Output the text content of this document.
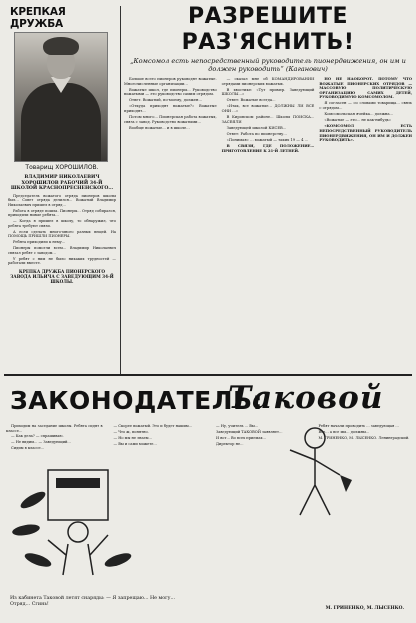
КРЕПКАЯ ДРУЖБА
Товарищ ХОРОШИЛОВ.
ВЛАДИМИР НИКОЛАЕВИЧ ХОРОШИЛОВ РАБОЧИЙ 34-Й ШКОЛОЙ КРАСНОПРЕСНЕНСКОГО...

Председатель вожатого отряда пионеров школы был... Совет отряда делился... Вожатый Владимир Николаевич пришел в отряд...

Работа в отряде пошла. Пионеры... Отряд собирался, приходили новые ребята...

— Когда я пришел в школу, то обнаружил, что ребята требуют связи.

А если сделать много-много разных вещей. На ПОМОЩЬ ПРИШЛИ ПИОНЕРЫ.

Ребята приходили к нему...

Пионеры помогли всем... Владимир Николаевич связал ребят с заводом...

У ребят с ним не было никаких трудностей — работали вместе.

КРЕПКА ДРУЖБА ПИОНЕРСКОГО ЗАВОДА ИЛЬИЧА С ЗАВЕДУЮЩИМ 34-Й ШКОЛЫ.
РАЗРЕШИТЕ РАЗ'ЯСНИТЬ!
„Комсомол есть непосредственный руководитель пионердвижения, он им и должен руководить“ (Каганович)

Больше всего пионеров руководят вожатые. Многочисленные организации...

Вожатые школ, где пионеры... Руководство вожатыми — это руководство самим отрядом.

Ответ. Вожатый, по-моему, должен...

«Откуда приходят вожатые?» Вожатые приходят...

Потом много... Пионерская работа вожатых, связь с завод. Руководство вожатыми...

Вообще вожатые... и в школе...

— сказал мне об КОМАНДИРОВАНИИ отрядами пионерских вожатых.

В хвостике: «Тут пример. Заведующий ШКОЛЫ...»

Ответ: Вожатые всегда...

«Итак, все вожатые... ДОЛЖНЫ ЛИ ВСЕ ОНИ ...»

В Кировском районе... Школы ПОИСКА... ЗАСЕЯЛИ

Заведующей школой КИСЕВ...

Ответ: Работа по пионерству...

«Понимая» ... вожатый — таких 19 — 4 ...

В СВЯЗИ, ГДЕ ПОЛОЖЕНИЕ... ПРИГОТОВЛЕНИЕ К 21-Й ЛЕТНЕЙ.

НО НЕ НАОБОРОТ. ПОТОМУ ЧТО ВОЖАТЫЕ ПИОНЕРСКИХ ОТРЯДОВ — МАССОВУЮ ПОЛИТИЧЕСКУЮ ОРГАНИЗАЦИЮ САМИХ ДЕТЕЙ, РУКОВОДИМУЮ КОМСОМОЛОМ.

Я согласен — со словами товарища... связь с отрядом...

Комсомольская ячейка... должна...

«Вожатые — это... не как-нибудь»

«КОМСОМОЛ ЕСТЬ НЕПОСРЕДСТВЕННЫЙ РУКОВОДИТЕЛЬ ПИОНЕРДВИЖЕНИЯ, ОН ИМ И ДОЛЖЕН РУКОВОДИТЬ».

ЗАКОНОДАТЕЛЬ:
Таковой

Приходим на заседание школы. Ребята сидят в классе...

— Как дела? — спрашиваю.

— Не видим... — Заведующий...

Сидим в классе...

— Скорее вожатый. Это и будет нашим...

— Что ж, понятно.

— Но мы не знаем...

— Вы и сами можете...

— Ну, учитель ... Вы...

Заведующий ТАКОВОЙ заявляет...

И вот... Во всех приемах...

Директор не...

Ребят начали проводить ... заведующая ...

Все... а все мы... должны...

М. ГРИНЕНКО, М. ЛЫСЕНКО. Ленинградский.

Из кабинета Таковой летят снаряды: — Я запрещаю... Не могу... Отряд... Сгинь!
М. ГРИНЕНКО, М. ЛЫСЕНКО.
